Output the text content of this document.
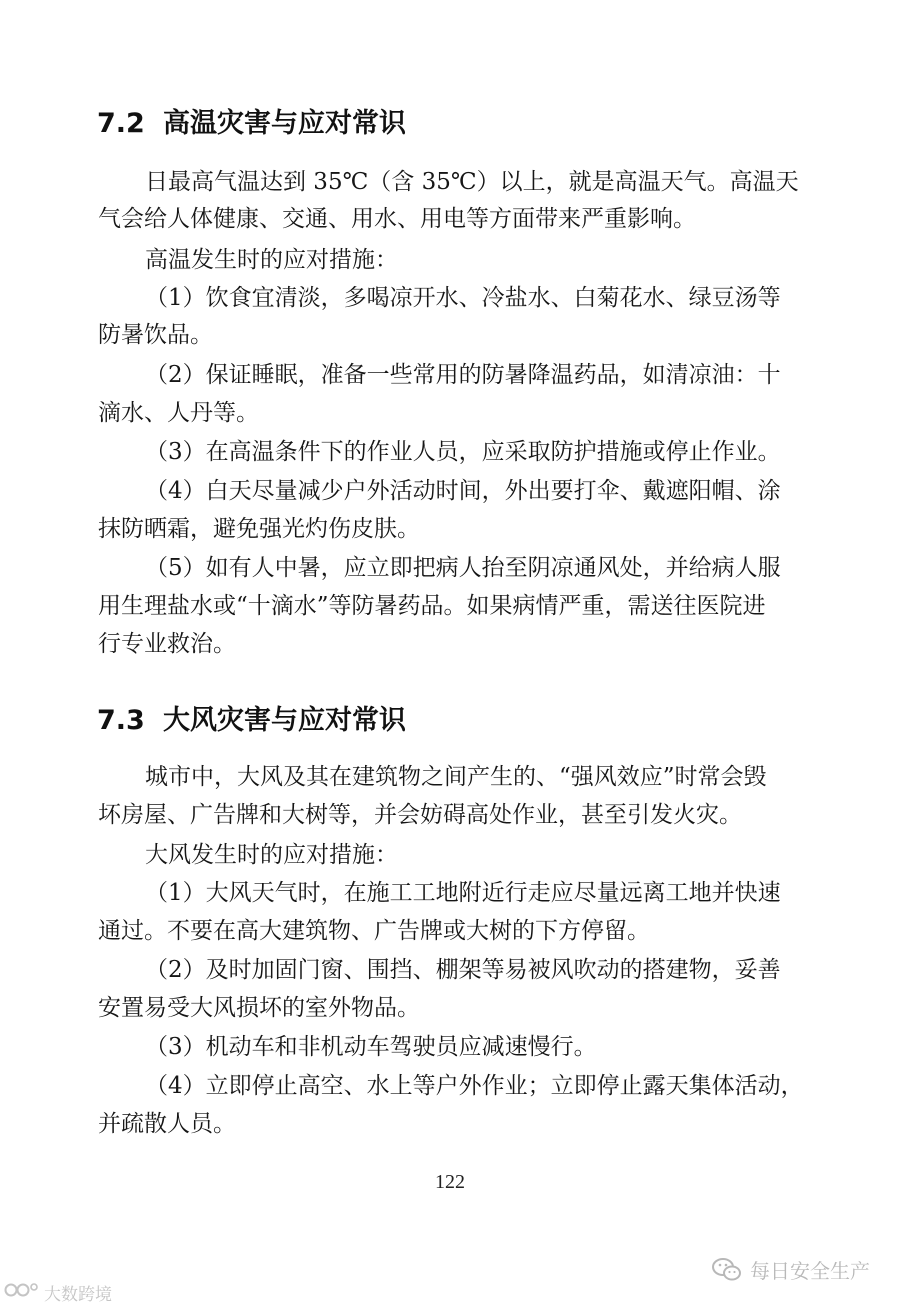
7.2 高温灾害与应对常识
日最高气温达到 35℃（含 35℃）以上，就是高温天气。高温天
气会给人体健康、交通、用水、用电等方面带来严重影响。
高温发生时的应对措施：
（1）饮食宜清淡，多喝凉开水、冷盐水、白菊花水、绿豆汤等
防暑饮品。
（2）保证睡眠，准备一些常用的防暑降温药品，如清凉油：十
滴水、人丹等。
（3）在高温条件下的作业人员，应采取防护措施或停止作业。
（4）白天尽量减少户外活动时间，外出要打伞、戴遮阳帽、涂
抹防晒霜，避免强光灼伤皮肤。
（5）如有人中暑，应立即把病人抬至阴凉通风处，并给病人服
用生理盐水或“十滴水”等防暑药品。如果病情严重，需送往医院进
行专业救治。
7.3 大风灾害与应对常识
城市中，大风及其在建筑物之间产生的、“强风效应”时常会毁
坏房屋、广告牌和大树等，并会妨碍高处作业，甚至引发火灾。
大风发生时的应对措施：
（1）大风天气时，在施工工地附近行走应尽量远离工地并快速
通过。不要在高大建筑物、广告牌或大树的下方停留。
（2）及时加固门窗、围挡、棚架等易被风吹动的搭建物，妥善
安置易受大风损坏的室外物品。
（3）机动车和非机动车驾驶员应减速慢行。
（4）立即停止高空、水上等户外作业；立即停止露天集体活动，
并疏散人员。
122
每日安全生产
大数跨境
